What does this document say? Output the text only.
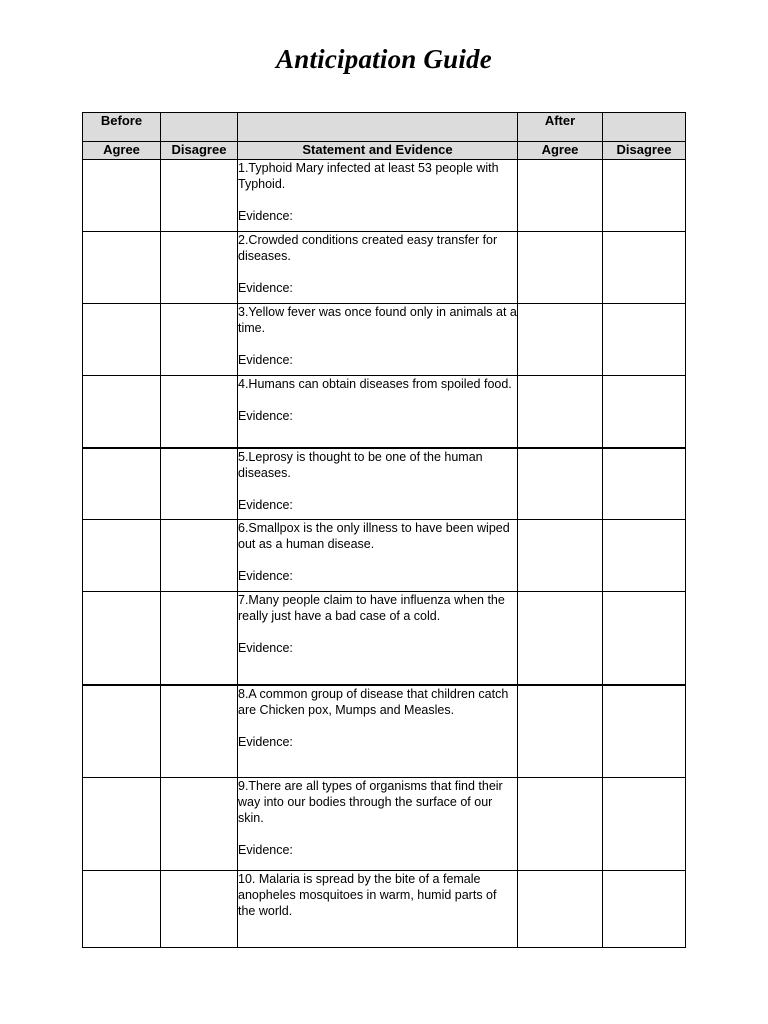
Anticipation Guide
Before			After	
Agree	Disagree	Statement and Evidence	Agree	Disagree

		1.Typhoid Mary infected at least 53 people with Typhoid.
Evidence:		

		2.Crowded conditions created easy transfer for diseases.
Evidence:		

		3.Yellow fever was once found only in animals at a time.
Evidence:		

		4.Humans can obtain diseases from spoiled food.
Evidence:		

		5.Leprosy is thought to be one of the human diseases.
Evidence:		

		6.Smallpox is the only illness to have been wiped out as a human disease.
Evidence:		

		7.Many people claim to have influenza when the really just have a bad case of a cold.
Evidence:		

		8.A common group of disease that children catch are Chicken pox, Mumps and Measles.
Evidence:		

		9.There are all types of organisms that find their way into our bodies through the surface of our skin.
Evidence:		

		10. Malaria is spread by the bite of a female anopheles mosquitoes in warm, humid parts of the world.		
